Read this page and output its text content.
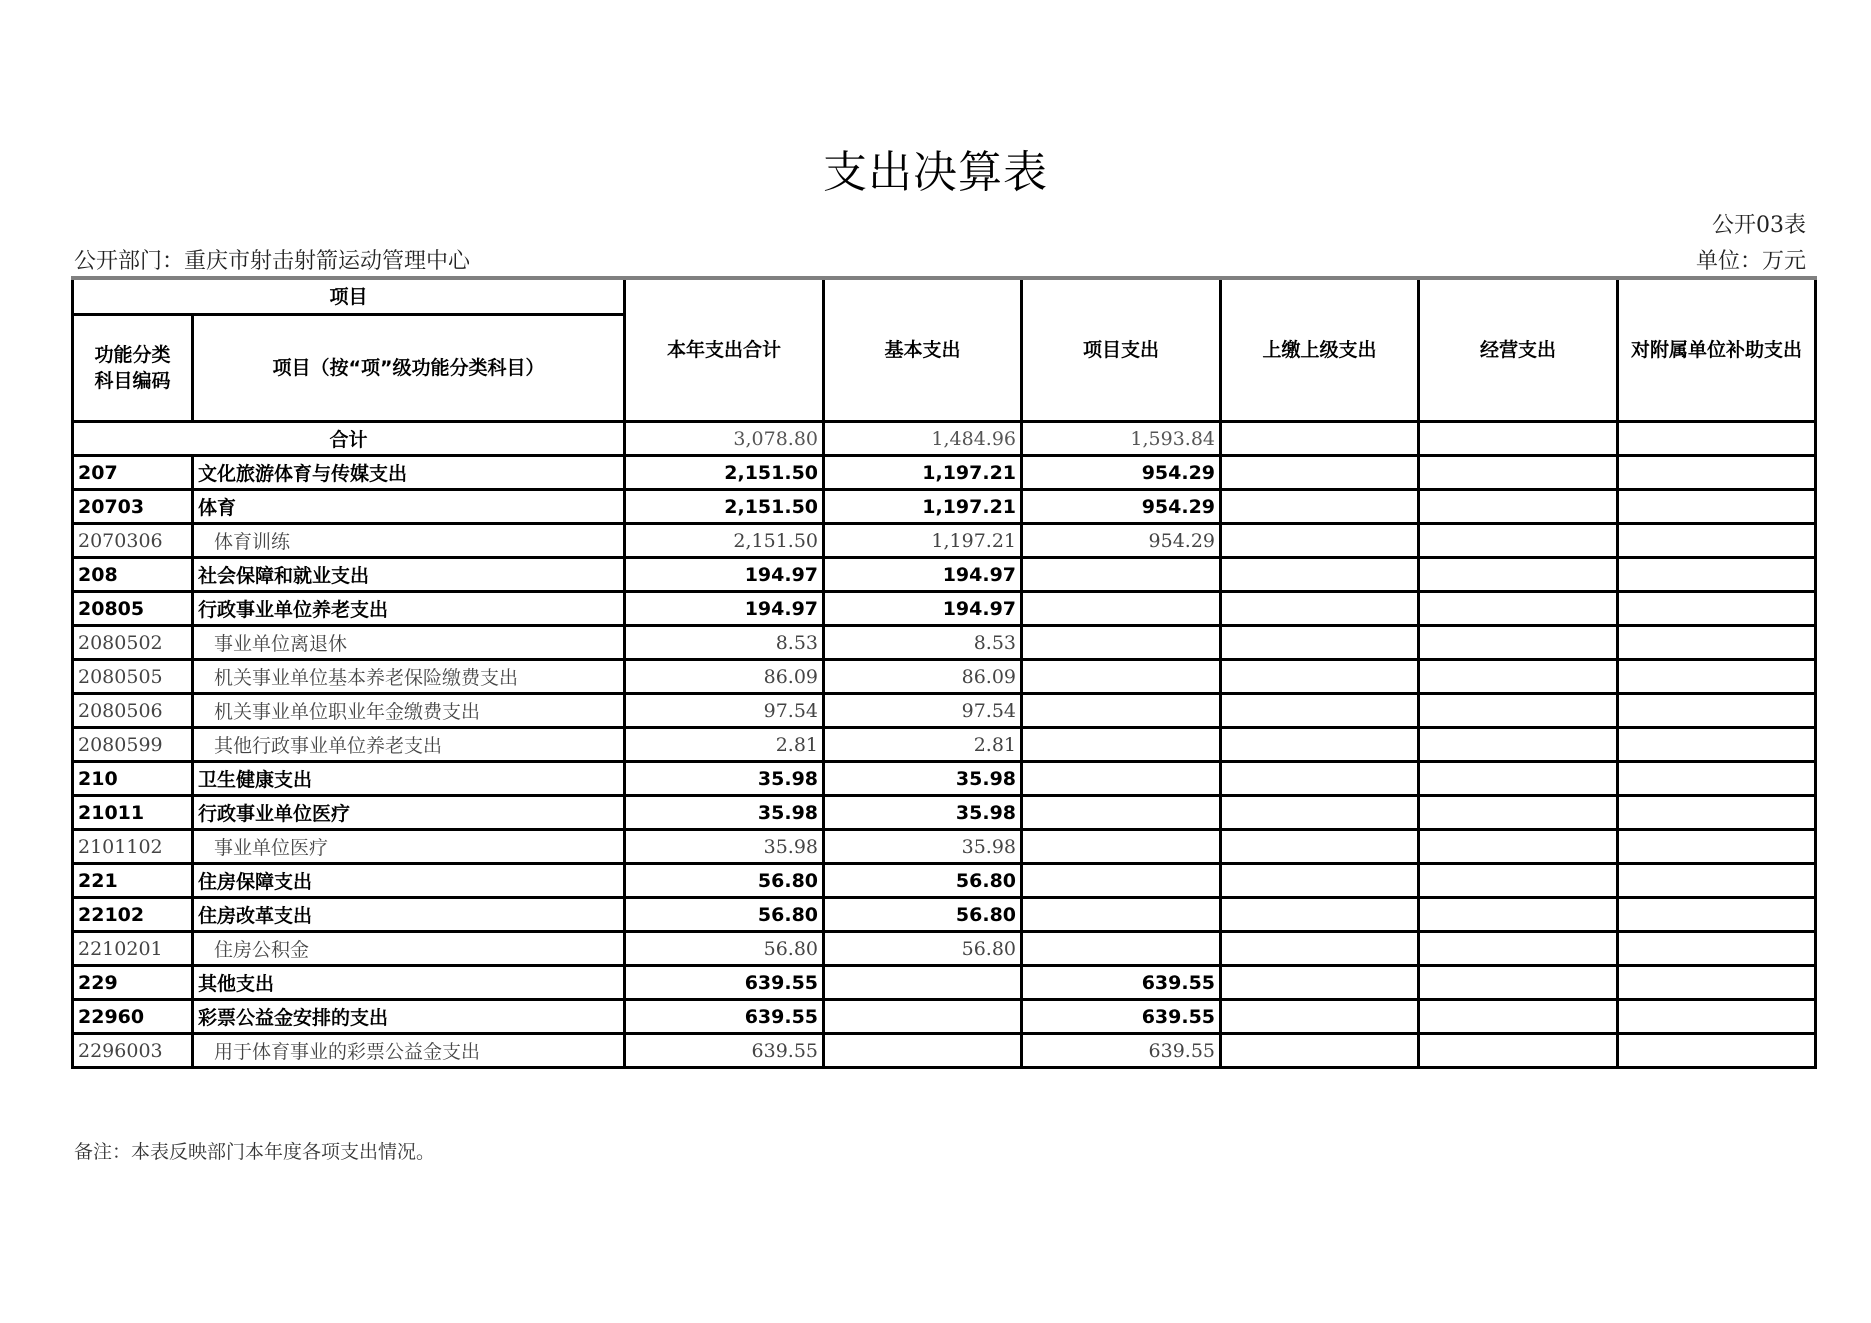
支出决算表
公开03表
公开部门：重庆市射击射箭运动管理中心	单位：万元
项目		本年支出合计	基本支出	项目支出	上缴上级支出	经营支出	对附属单位补助支出
功能分类科目编码	项目（按“项”级功能分类科目）						
合计		3,078.80	1,484.96	1,593.84			
207	文化旅游体育与传媒支出	2,151.50	1,197.21	954.29			
20703	体育	2,151.50	1,197.21	954.29			
2070306	体育训练	2,151.50	1,197.21	954.29			
208	社会保障和就业支出	194.97	194.97				
20805	行政事业单位养老支出	194.97	194.97				
2080502	事业单位离退休	8.53	8.53				
2080505	机关事业单位基本养老保险缴费支出	86.09	86.09				
2080506	机关事业单位职业年金缴费支出	97.54	97.54				
2080599	其他行政事业单位养老支出	2.81	2.81				
210	卫生健康支出	35.98	35.98				
21011	行政事业单位医疗	35.98	35.98				
2101102	事业单位医疗	35.98	35.98				
221	住房保障支出	56.80	56.80				
22102	住房改革支出	56.80	56.80				
2210201	住房公积金	56.80	56.80				
229	其他支出	639.55		639.55			
22960	彩票公益金安排的支出	639.55		639.55			
2296003	用于体育事业的彩票公益金支出	639.55		639.55			
备注：本表反映部门本年度各项支出情况。
